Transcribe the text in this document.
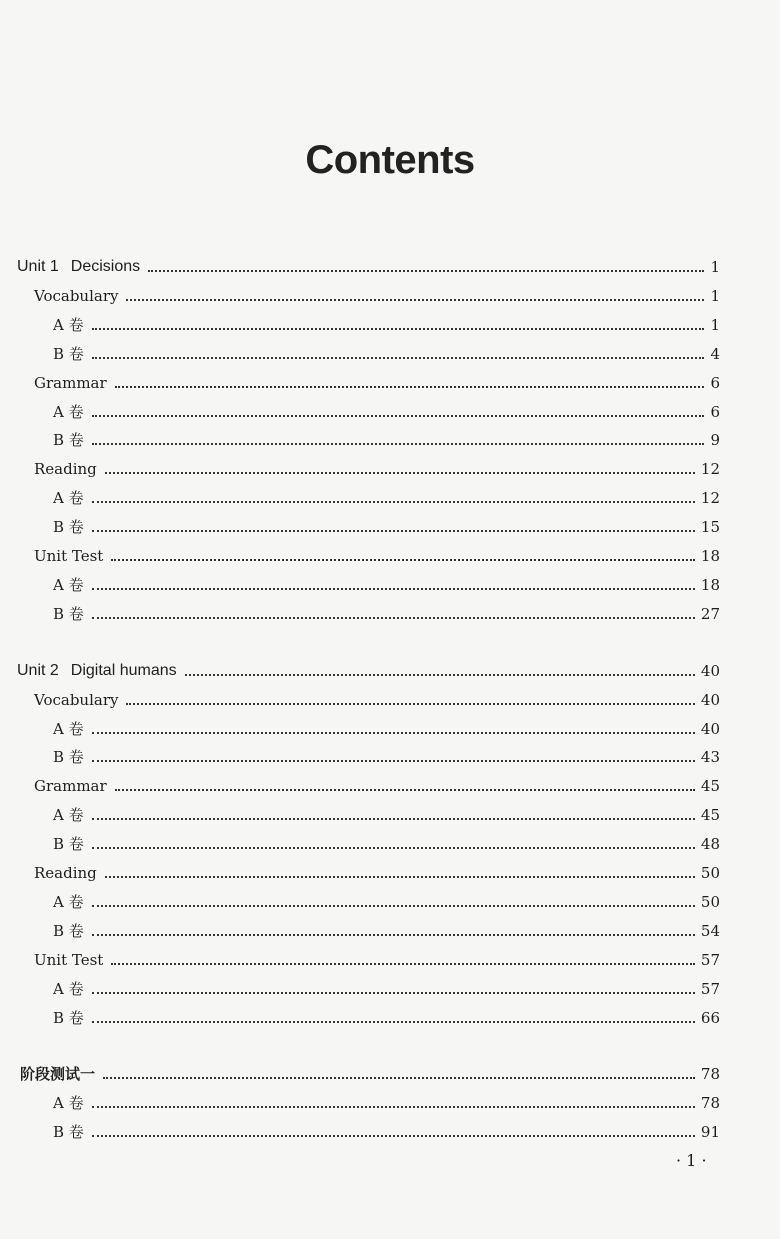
Contents
Unit 1 Decisions	1
Vocabulary	1
A 卷	1
B 卷	4
Grammar	6
A 卷	6
B 卷	9
Reading	12
A 卷	12
B 卷	15
Unit Test	18
A 卷	18
B 卷	27
Unit 2 Digital humans	40
Vocabulary	40
A 卷	40
B 卷	43
Grammar	45
A 卷	45
B 卷	48
Reading	50
A 卷	50
B 卷	54
Unit Test	57
A 卷	57
B 卷	66
阶段测试一	78
A 卷	78
B 卷	91
· 1 ·
